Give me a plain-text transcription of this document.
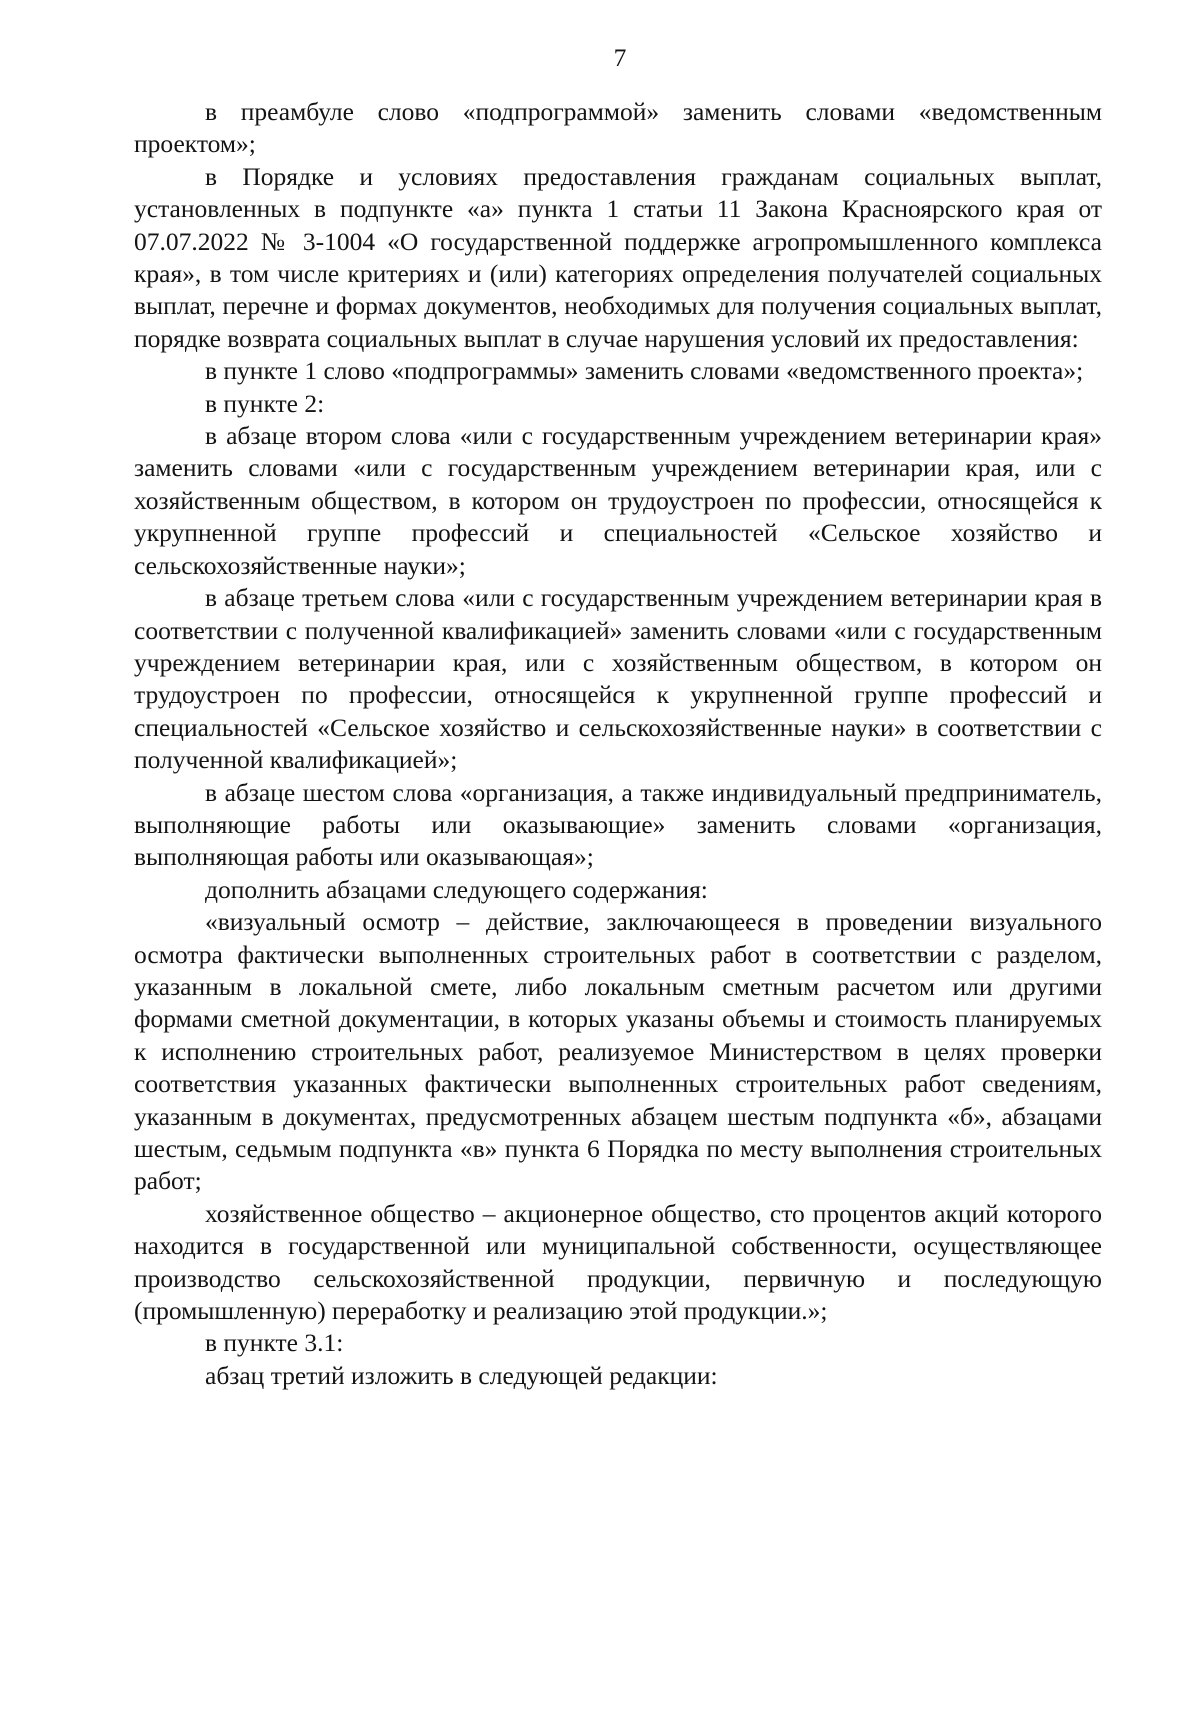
7

в преамбуле слово «подпрограммой» заменить словами «ведомственным проектом»;

в Порядке и условиях предоставления гражданам социальных выплат, установленных в подпункте «а» пункта 1 статьи 11 Закона Красноярского края от 07.07.2022 № 3-1004 «О государственной поддержке агропромышленного комплекса края», в том числе критериях и (или) категориях определения получателей социальных выплат, перечне и формах документов, необходимых для получения социальных выплат, порядке возврата социальных выплат в случае нарушения условий их предоставления:

в пункте 1 слово «подпрограммы» заменить словами «ведомственного проекта»;

в пункте 2:

в абзаце втором слова «или с государственным учреждением ветеринарии края» заменить словами «или с государственным учреждением ветеринарии края, или с хозяйственным обществом, в котором он трудоустроен по профессии, относящейся к укрупненной группе профессий и специальностей «Сельское хозяйство и сельскохозяйственные науки»;

в абзаце третьем слова «или с государственным учреждением ветеринарии края в соответствии с полученной квалификацией» заменить словами «или с государственным учреждением ветеринарии края, или с хозяйственным обществом, в котором он трудоустроен по профессии, относящейся к укрупненной группе профессий и специальностей «Сельское хозяйство и сельскохозяйственные науки» в соответствии с полученной квалификацией»;

в абзаце шестом слова «организация, а также индивидуальный предприниматель, выполняющие работы или оказывающие» заменить словами «организация, выполняющая работы или оказывающая»;

дополнить абзацами следующего содержания:

«визуальный осмотр – действие, заключающееся в проведении визуального осмотра фактически выполненных строительных работ в соответствии с разделом, указанным в локальной смете, либо локальным сметным расчетом или другими формами сметной документации, в которых указаны объемы и стоимость планируемых к исполнению строительных работ, реализуемое Министерством в целях проверки соответствия указанных фактически выполненных строительных работ сведениям, указанным в документах, предусмотренных абзацем шестым подпункта «б», абзацами шестым, седьмым подпункта «в» пункта 6 Порядка по месту выполнения строительных работ;

хозяйственное общество – акционерное общество, сто процентов акций которого находится в государственной или муниципальной собственности, осуществляющее производство сельскохозяйственной продукции, первичную и последующую (промышленную) переработку и реализацию этой продукции.»;

в пункте 3.1:

абзац третий изложить в следующей редакции:
